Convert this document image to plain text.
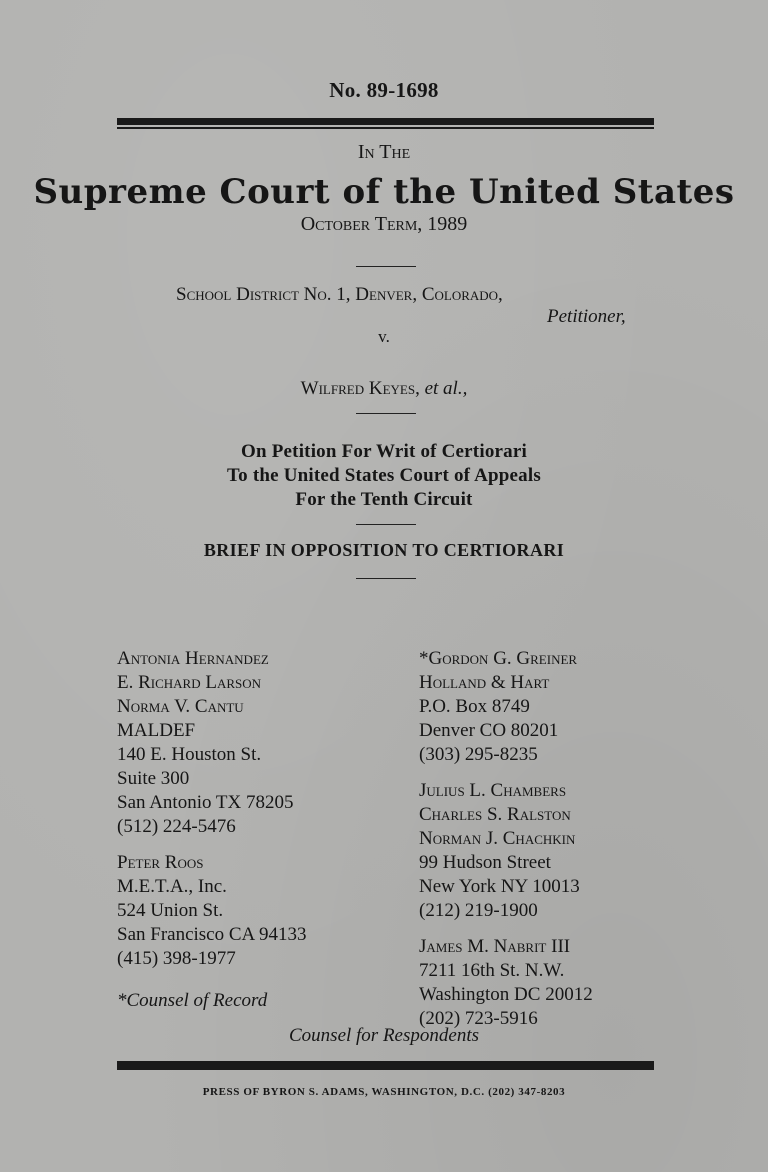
No. 89-1698
In The
Supreme Court of the United States
October Term, 1989
School District No. 1, Denver, Colorado,
Petitioner,
v.
Wilfred Keyes, et al.,
On Petition For Writ of Certiorari
To the United States Court of Appeals
For the Tenth Circuit
BRIEF IN OPPOSITION TO CERTIORARI
Antonia Hernandez
E. Richard Larson
Norma V. Cantu
MALDEF
140 E. Houston St.
Suite 300
San Antonio TX 78205
(512) 224-5476
Peter Roos
M.E.T.A., Inc.
524 Union St.
San Francisco CA 94133
(415) 398-1977
*Gordon G. Greiner
Holland & Hart
P.O. Box 8749
Denver CO 80201
(303) 295-8235
Julius L. Chambers
Charles S. Ralston
Norman J. Chachkin
99 Hudson Street
New York NY 10013
(212) 219-1900
James M. Nabrit III
7211 16th St. N.W.
Washington DC 20012
(202) 723-5916
*Counsel of Record
Counsel for Respondents
PRESS OF BYRON S. ADAMS, WASHINGTON, D.C. (202) 347-8203
